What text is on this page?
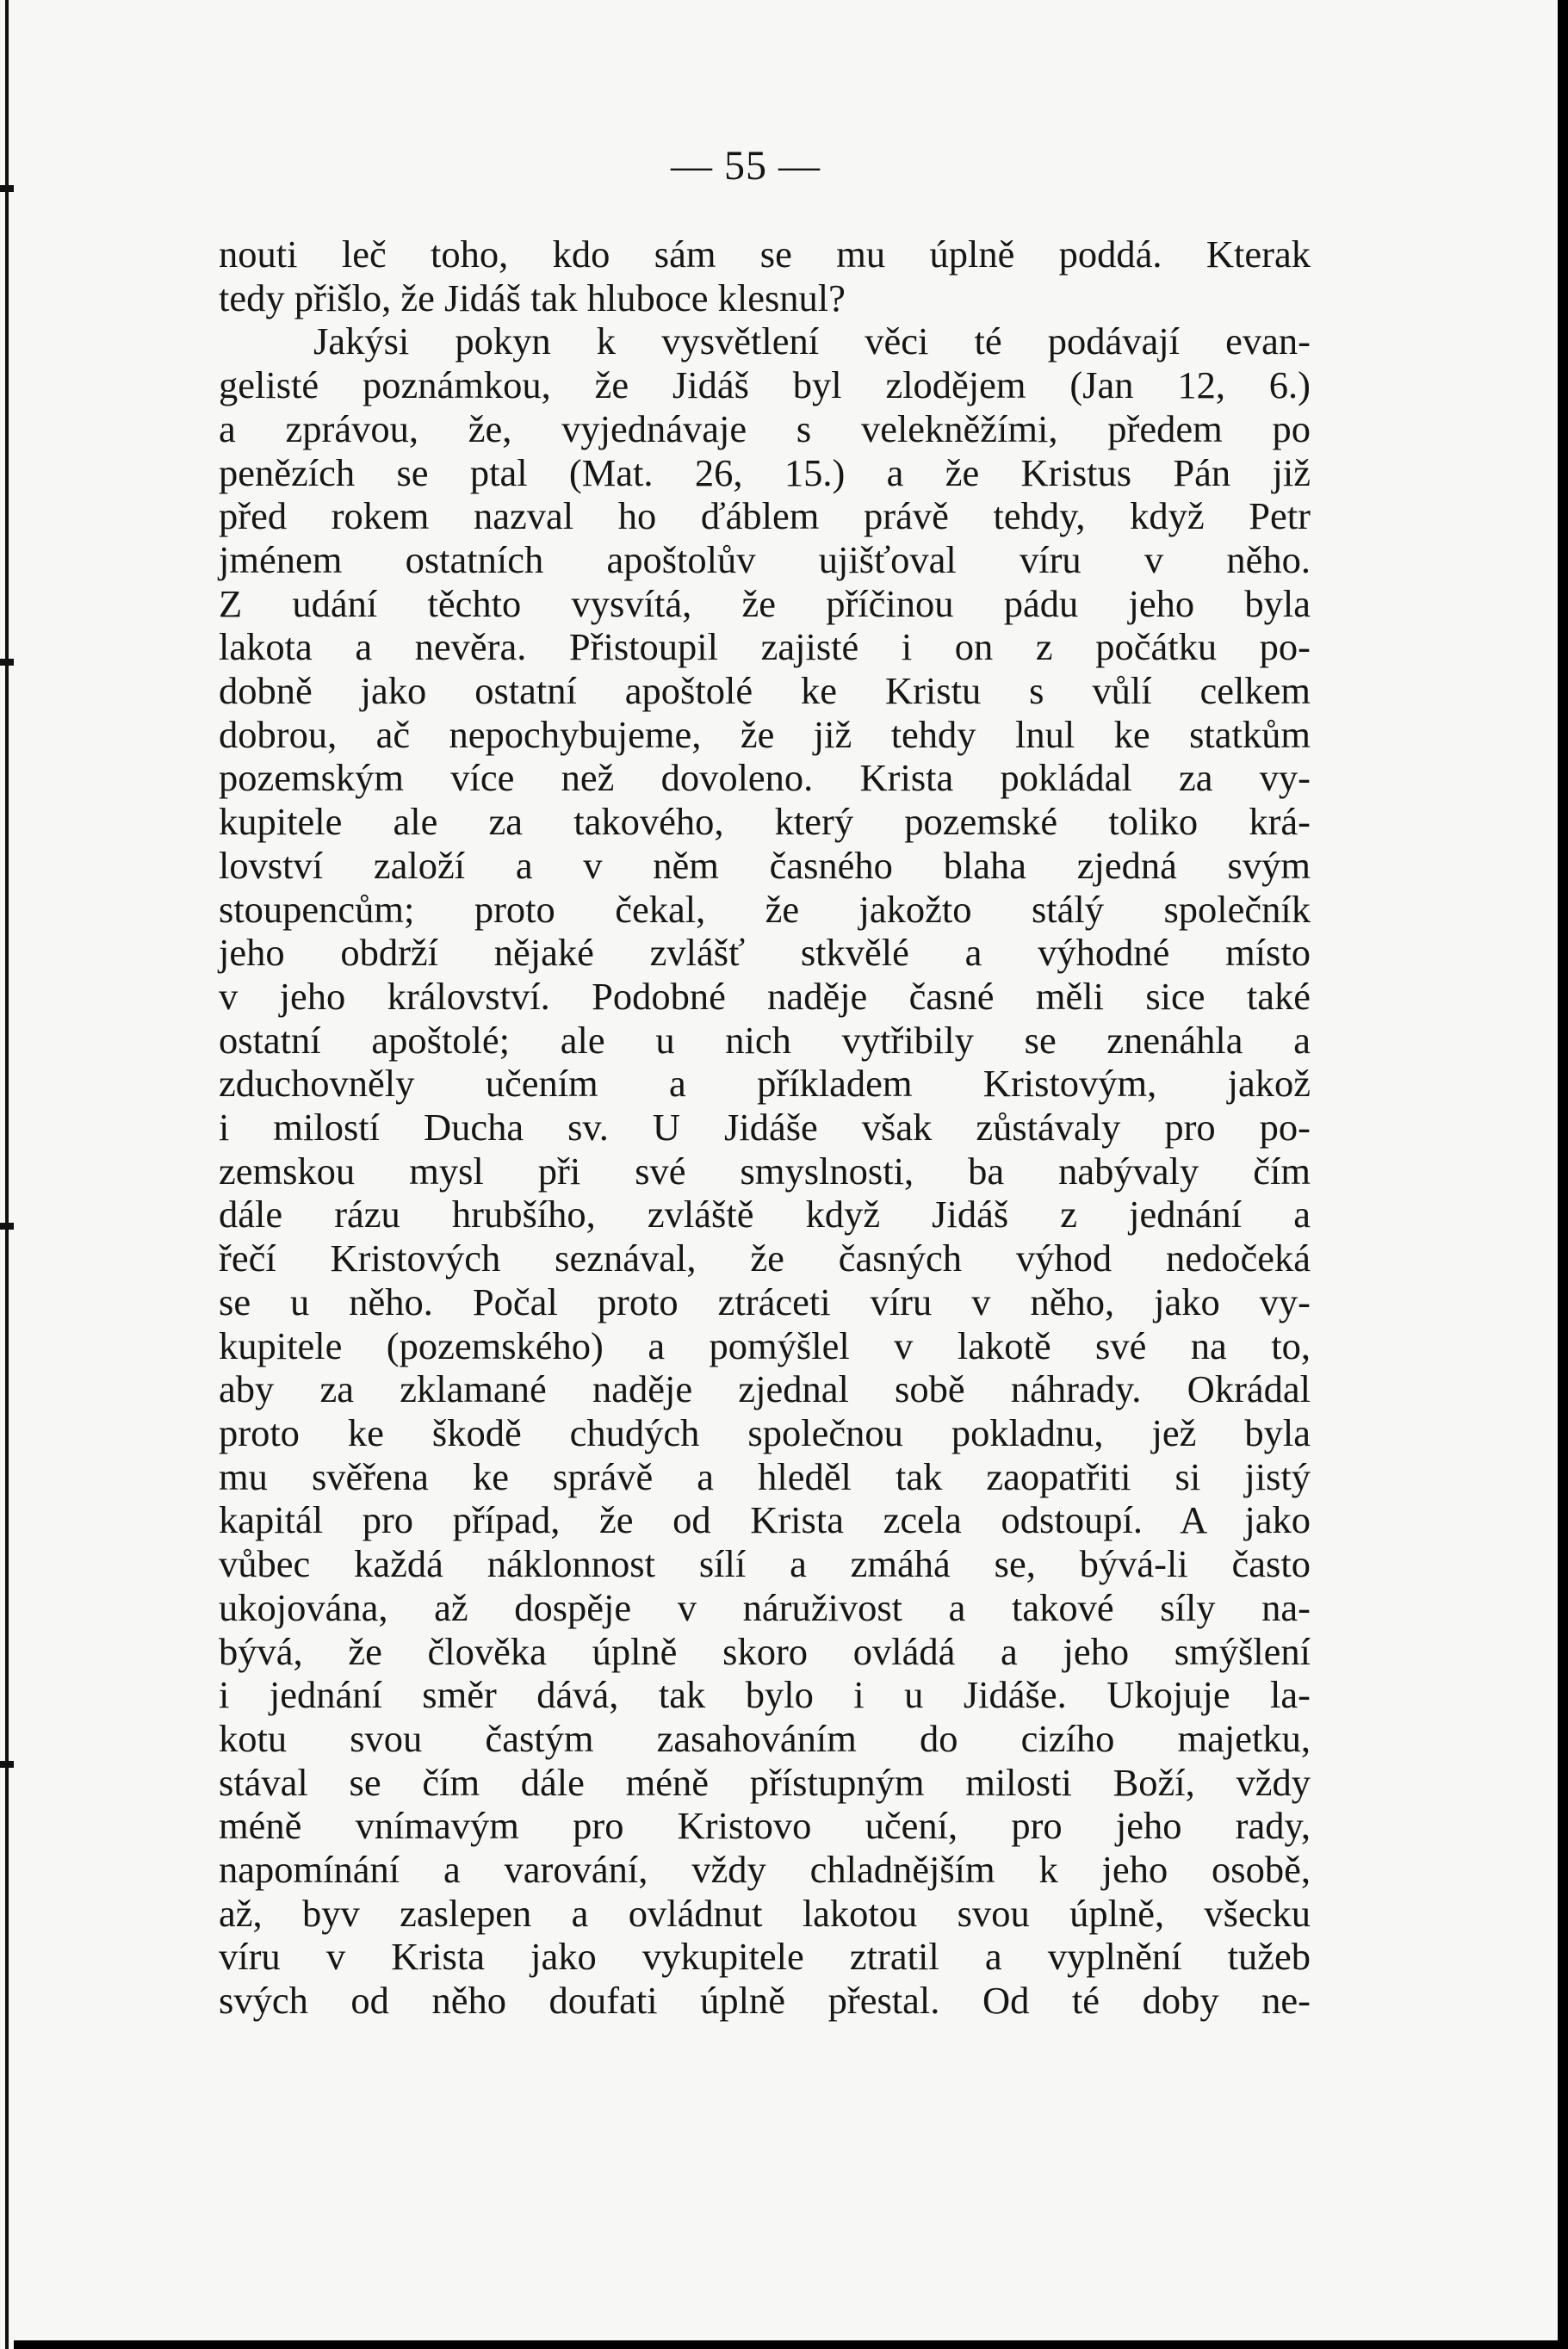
— 55 —
nouti leč toho, kdo sám se mu úplně poddá. Kterak
tedy přišlo, že Jidáš tak hluboce klesnul?
Jakýsi pokyn k vysvětlení věci té podávají evan-
gelisté poznámkou, že Jidáš byl zlodějem (Jan 12, 6.)
a zprávou, že, vyjednávaje s velekněžími, předem po
penězích se ptal (Mat. 26, 15.) a že Kristus Pán již
před rokem nazval ho ďáblem právě tehdy, když Petr
jménem ostatních apoštolův ujišťoval víru v něho.
Z udání těchto vysvítá, že příčinou pádu jeho byla
lakota a nevěra. Přistoupil zajisté i on z počátku po-
dobně jako ostatní apoštolé ke Kristu s vůlí celkem
dobrou, ač nepochybujeme, že již tehdy lnul ke statkům
pozemským více než dovoleno. Krista pokládal za vy-
kupitele ale za takového, který pozemské toliko krá-
lovství založí a v něm časného blaha zjedná svým
stoupencům; proto čekal, že jakožto stálý společník
jeho obdrží nějaké zvlášť stkvělé a výhodné místo
v jeho království. Podobné naděje časné měli sice také
ostatní apoštolé; ale u nich vytřibily se znenáhla a
zduchovněly učením a příkladem Kristovým, jakož
i milostí Ducha sv. U Jidáše však zůstávaly pro po-
zemskou mysl při své smyslnosti, ba nabývaly čím
dále rázu hrubšího, zvláště když Jidáš z jednání a
řečí Kristových seznával, že časných výhod nedočeká
se u něho. Počal proto ztráceti víru v něho, jako vy-
kupitele (pozemského) a pomýšlel v lakotě své na to,
aby za zklamané naděje zjednal sobě náhrady. Okrádal
proto ke škodě chudých společnou pokladnu, jež byla
mu svěřena ke správě a hleděl tak zaopatřiti si jistý
kapitál pro případ, že od Krista zcela odstoupí. A jako
vůbec každá náklonnost sílí a zmáhá se, bývá-li často
ukojována, až dospěje v náruživost a takové síly na-
bývá, že člověka úplně skoro ovládá a jeho smýšlení
i jednání směr dává, tak bylo i u Jidáše. Ukojuje la-
kotu svou častým zasahováním do cizího majetku,
stával se čím dále méně přístupným milosti Boží, vždy
méně vnímavým pro Kristovo učení, pro jeho rady,
napomínání a varování, vždy chladnějším k jeho osobě,
až, byv zaslepen a ovládnut lakotou svou úplně, všecku
víru v Krista jako vykupitele ztratil a vyplnění tužeb
svých od něho doufati úplně přestal. Od té doby ne-
